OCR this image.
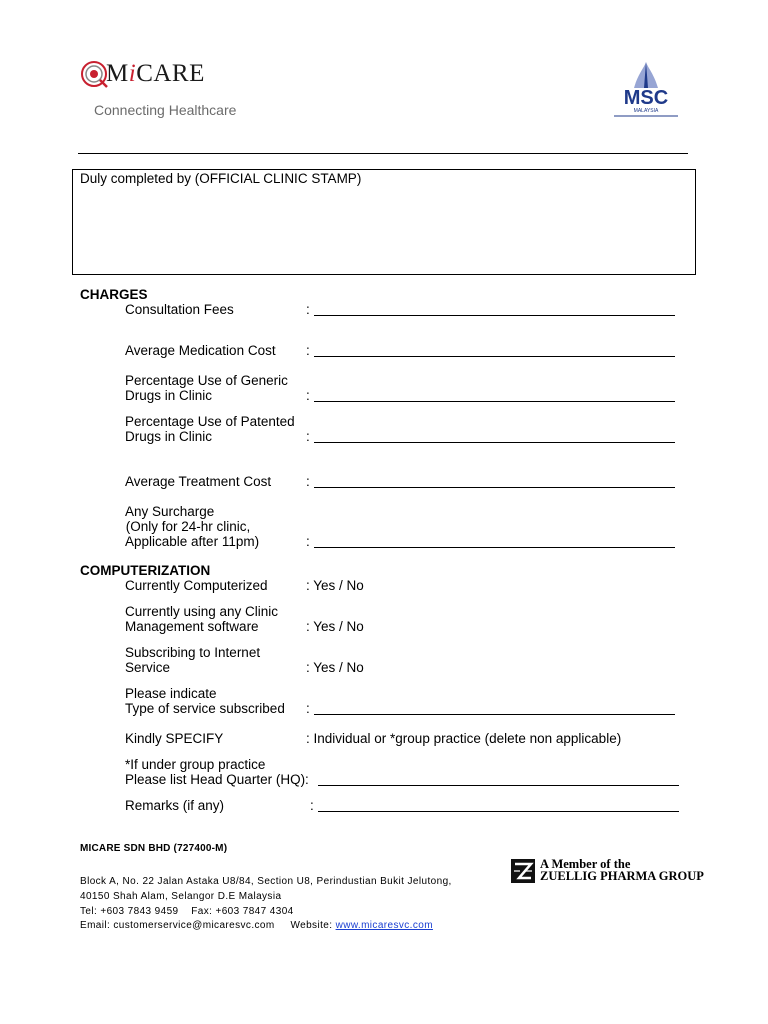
MiCARE
Connecting Healthcare
MSC
MALAYSIA
Duly completed by (OFFICIAL CLINIC STAMP)
CHARGES
Consultation Fees	:
Average Medication Cost :
Percentage Use of Generic
Drugs in Clinic	:
Percentage Use of Patented
Drugs in Clinic	:
Average Treatment Cost	:
Any Surcharge
(Only for 24-hr clinic,
Applicable after 11pm)	:
COMPUTERIZATION
Currently Computerized	: Yes / No
Currently using any Clinic
Management software	: Yes / No
Subscribing to Internet
Service	: Yes / No
Please indicate
Type of service subscribed :
Kindly SPECIFY	: Individual or *group practice (delete non applicable)
*If under group practice
Please list Head Quarter (HQ):
Remarks (if any)	:
MICARE SDN BHD (727400-M)
Block A, No. 22 Jalan Astaka U8/84, Section U8, Perindustian Bukit Jelutong,
40150 Shah Alam, Selangor D.E Malaysia
Tel: +603 7843 9459    Fax: +603 7847 4304
Email: customerservice@micaresvc.com     Website: www.micaresvc.com
A Member of the
ZUELLIG PHARMA GROUP
